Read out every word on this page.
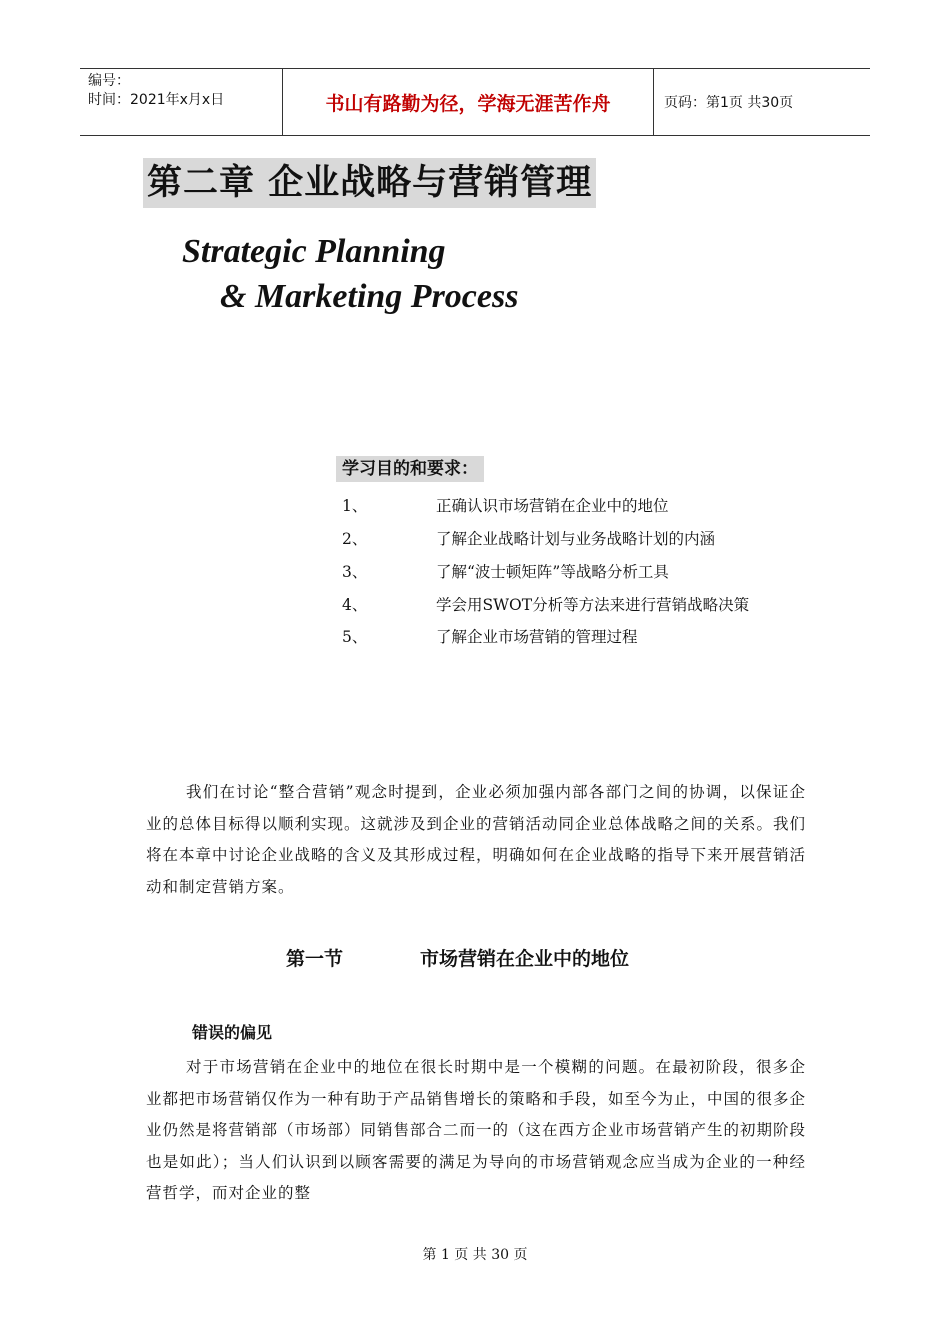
编号：
时间：2021年x月x日	书山有路勤为径，学海无涯苦作舟	页码：第1页 共30页
第二章 企业战略与营销管理
Strategic Planning
& Marketing Process
学习目的和要求：
1、	正确认识市场营销在企业中的地位
2、	了解企业战略计划与业务战略计划的内涵
3、	了解“波士顿矩阵”等战略分析工具
4、	学会用SWOT分析等方法来进行营销战略决策
5、	了解企业市场营销的管理过程

我们在讨论“整合营销”观念时提到，企业必须加强内部各部门之间的协调，以保证企业的总体目标得以顺利实现。这就涉及到企业的营销活动同企业总体战略之间的关系。我们将在本章中讨论企业战略的含义及其形成过程，明确如何在企业战略的指导下来开展营销活动和制定营销方案。

第一节	市场营销在企业中的地位
错误的偏见

对于市场营销在企业中的地位在很长时期中是一个模糊的问题。在最初阶段，很多企业都把市场营销仅作为一种有助于产品销售增长的策略和手段，如至今为止，中国的很多企业仍然是将营销部（市场部）同销售部合二而一的（这在西方企业市场营销产生的初期阶段也是如此）；当人们认识到以顾客需要的满足为导向的市场营销观念应当成为企业的一种经营哲学，而对企业的整

第 1 页 共 30 页
